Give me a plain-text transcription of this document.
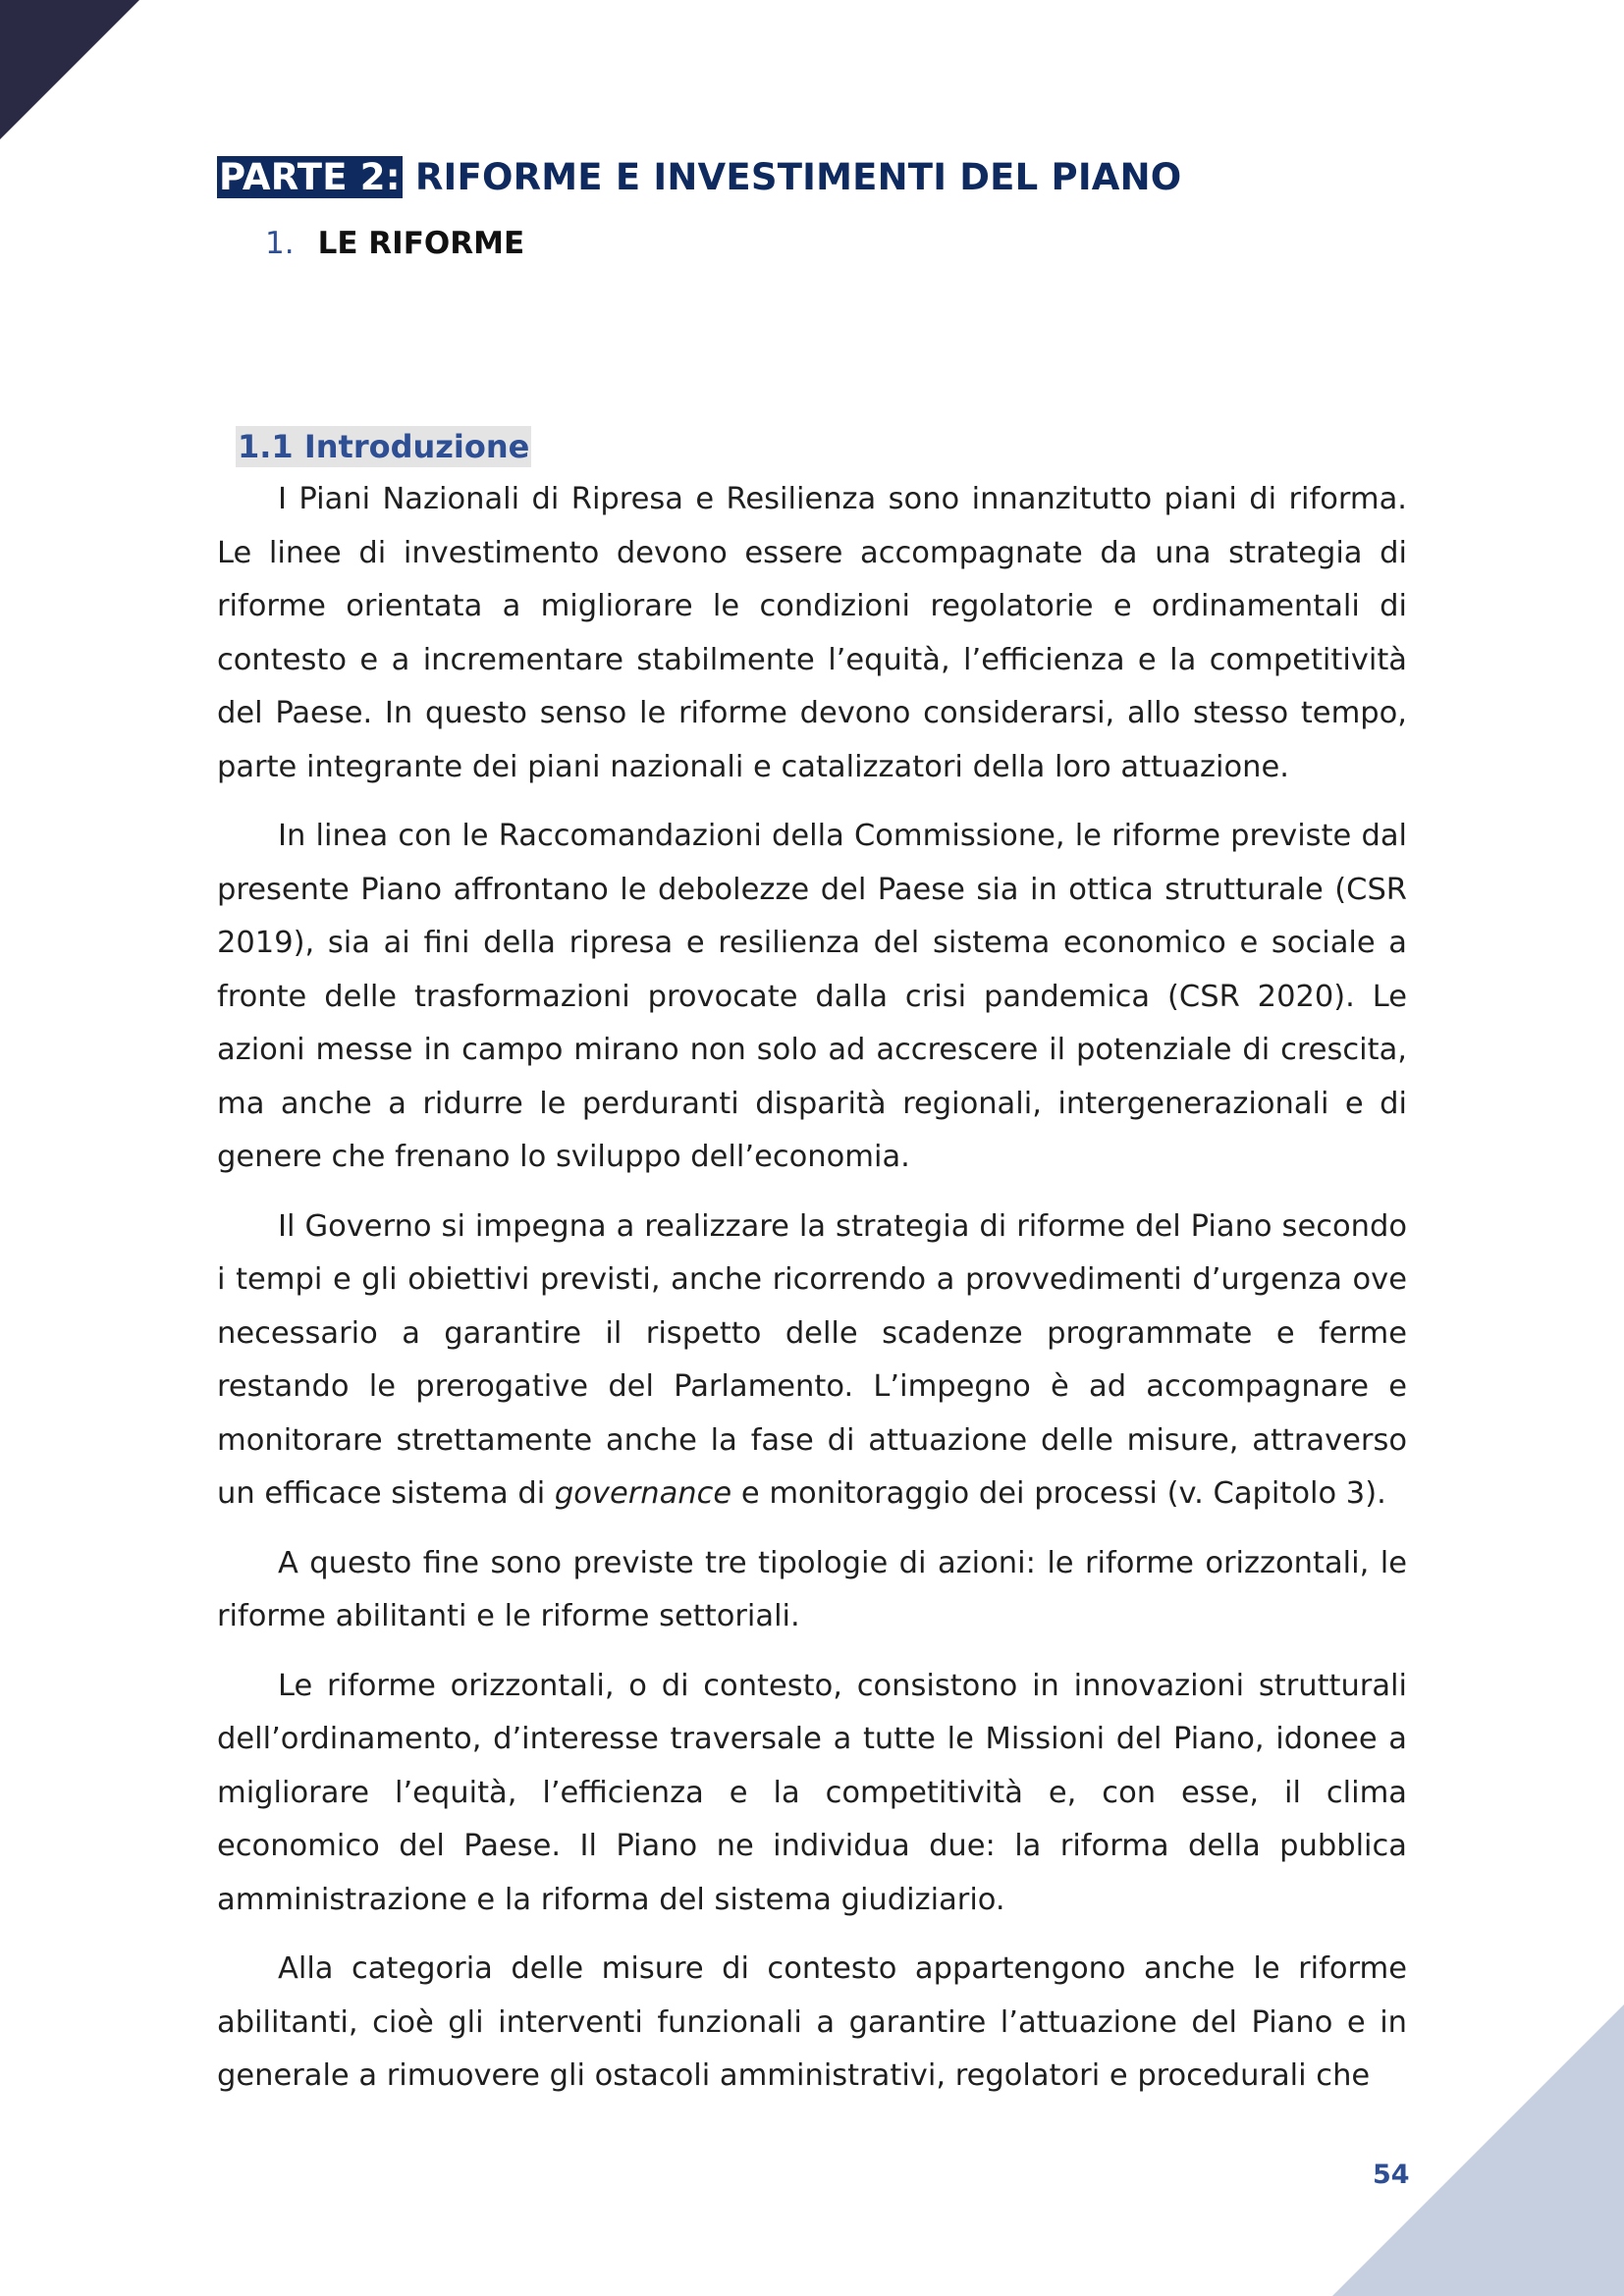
PARTE 2: RIFORME E INVESTIMENTI DEL PIANO
1. LE RIFORME
1.1 Introduzione

I Piani Nazionali di Ripresa e Resilienza sono innanzitutto piani di riforma. Le linee di investimento devono essere accompagnate da una strategia di riforme orientata a migliorare le condizioni regolatorie e ordinamentali di contesto e a incrementare stabilmente l’equità, l’efficienza e la competitività del Paese. In questo senso le riforme devono considerarsi, allo stesso tempo, parte integrante dei piani nazionali e catalizzatori della loro attuazione.

In linea con le Raccomandazioni della Commissione, le riforme previste dal presente Piano affrontano le debolezze del Paese sia in ottica strutturale (CSR 2019), sia ai fini della ripresa e resilienza del sistema economico e sociale a fronte delle trasformazioni provocate dalla crisi pandemica (CSR 2020). Le azioni messe in campo mirano non solo ad accrescere il potenziale di crescita, ma anche a ridurre le perduranti disparità regionali, intergenerazionali e di genere che frenano lo sviluppo dell’economia.

Il Governo si impegna a realizzare la strategia di riforme del Piano secondo i tempi e gli obiettivi previsti, anche ricorrendo a provvedimenti d’urgenza ove necessario a garantire il rispetto delle scadenze programmate e ferme restando le prerogative del Parlamento. L’impegno è ad accompagnare e monitorare strettamente anche la fase di attuazione delle misure, attraverso un efficace sistema di governance e monitoraggio dei processi (v. Capitolo 3).

A questo fine sono previste tre tipologie di azioni: le riforme orizzontali, le riforme abilitanti e le riforme settoriali.

Le riforme orizzontali, o di contesto, consistono in innovazioni strutturali dell’ordinamento, d’interesse traversale a tutte le Missioni del Piano, idonee a migliorare l’equità, l’efficienza e la competitività e, con esse, il clima economico del Paese. Il Piano ne individua due: la riforma della pubblica amministrazione e la riforma del sistema giudiziario.

Alla categoria delle misure di contesto appartengono anche le riforme abilitanti, cioè gli interventi funzionali a garantire l’attuazione del Piano e in generale a rimuovere gli ostacoli amministrativi, regolatori e procedurali che

54
